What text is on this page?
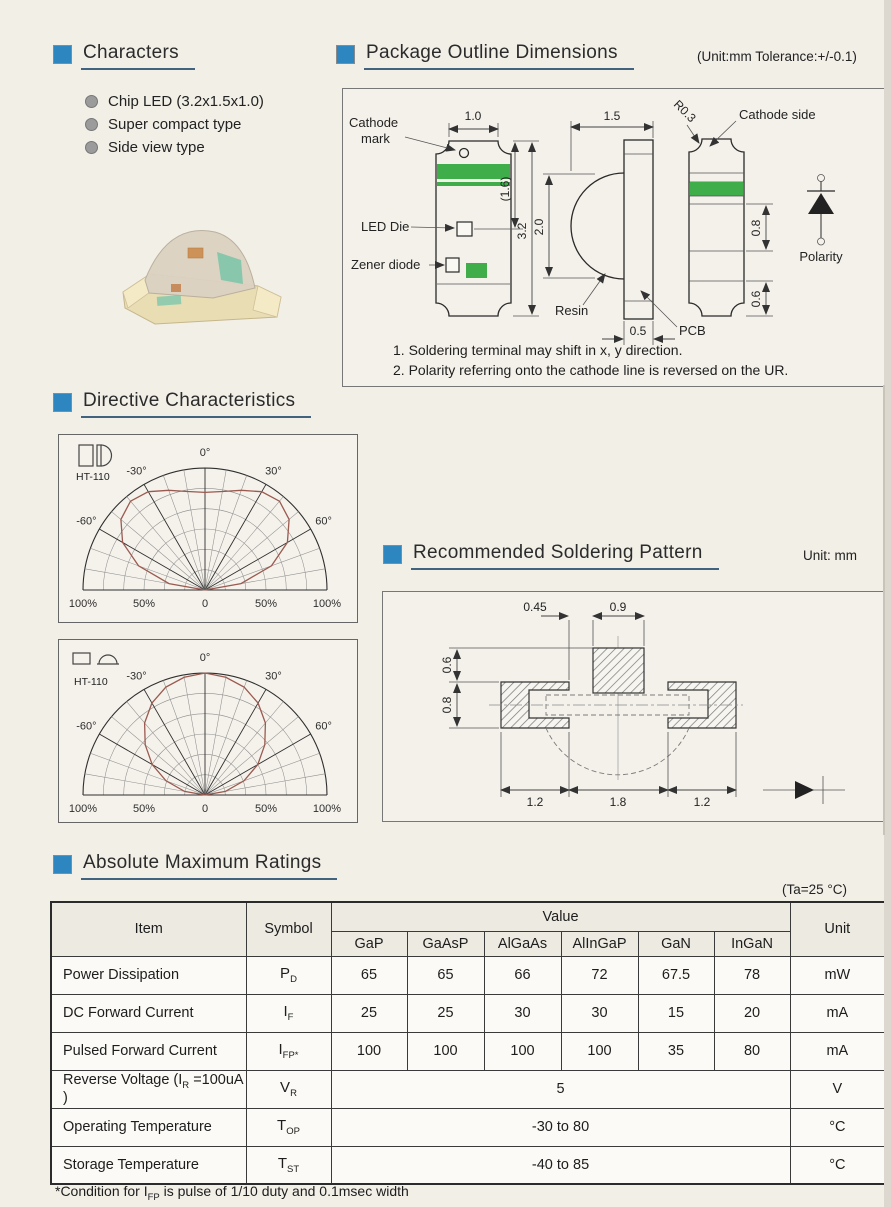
Characters
Chip LED (3.2x1.5x1.0)
Super compact type
Side view type
Package Outline Dimensions	(Unit:mm Tolerance:+/-0.1)
1.0
(1.6)
3.2
Cathode
mark
LED Die
Zener diode
1.5
2.0
0.5
Resin
PCB
0.8
0.6
R0.3	Cathode side
Polarity
1. Soldering terminal may shift in x, y direction.
2. Polarity referring onto the cathode line is reversed on the UR.
Directive Characteristics
HT-110
0°
-30°	30°
-60°	60°
100%	50%	0	50%	100%
HT-110
0°
-30°	30°
-60°	60°
100%	50%	0	50%	100%
Recommended Soldering Pattern	Unit: mm
0.45	0.9
0.6
0.8
1.2	1.8	1.2
Absolute Maximum Ratings
(Ta=25 °C)
Item	Symbol	Value						Unit
		GaP	GaAsP	AlGaAs	AlInGaP	GaN	InGaN	
Power Dissipation	$P_D$	65	65	66	72	67.5	78	mW
DC Forward Current	$I_F$	25	25	30	30	15	20	mA
Pulsed Forward Current	$I_{FP*}$	100	100	100	100	35	80	mA
Reverse Voltage ($I_R =100uA$ )	$V_R$	5						V
Operating Temperature	$T_{OP}$	-30 to 80						°C
Storage Temperature	$T_{ST}$	-40 to 85						°C
*Condition for $I_{FP}$ is pulse of 1/10 duty and 0.1msec width
